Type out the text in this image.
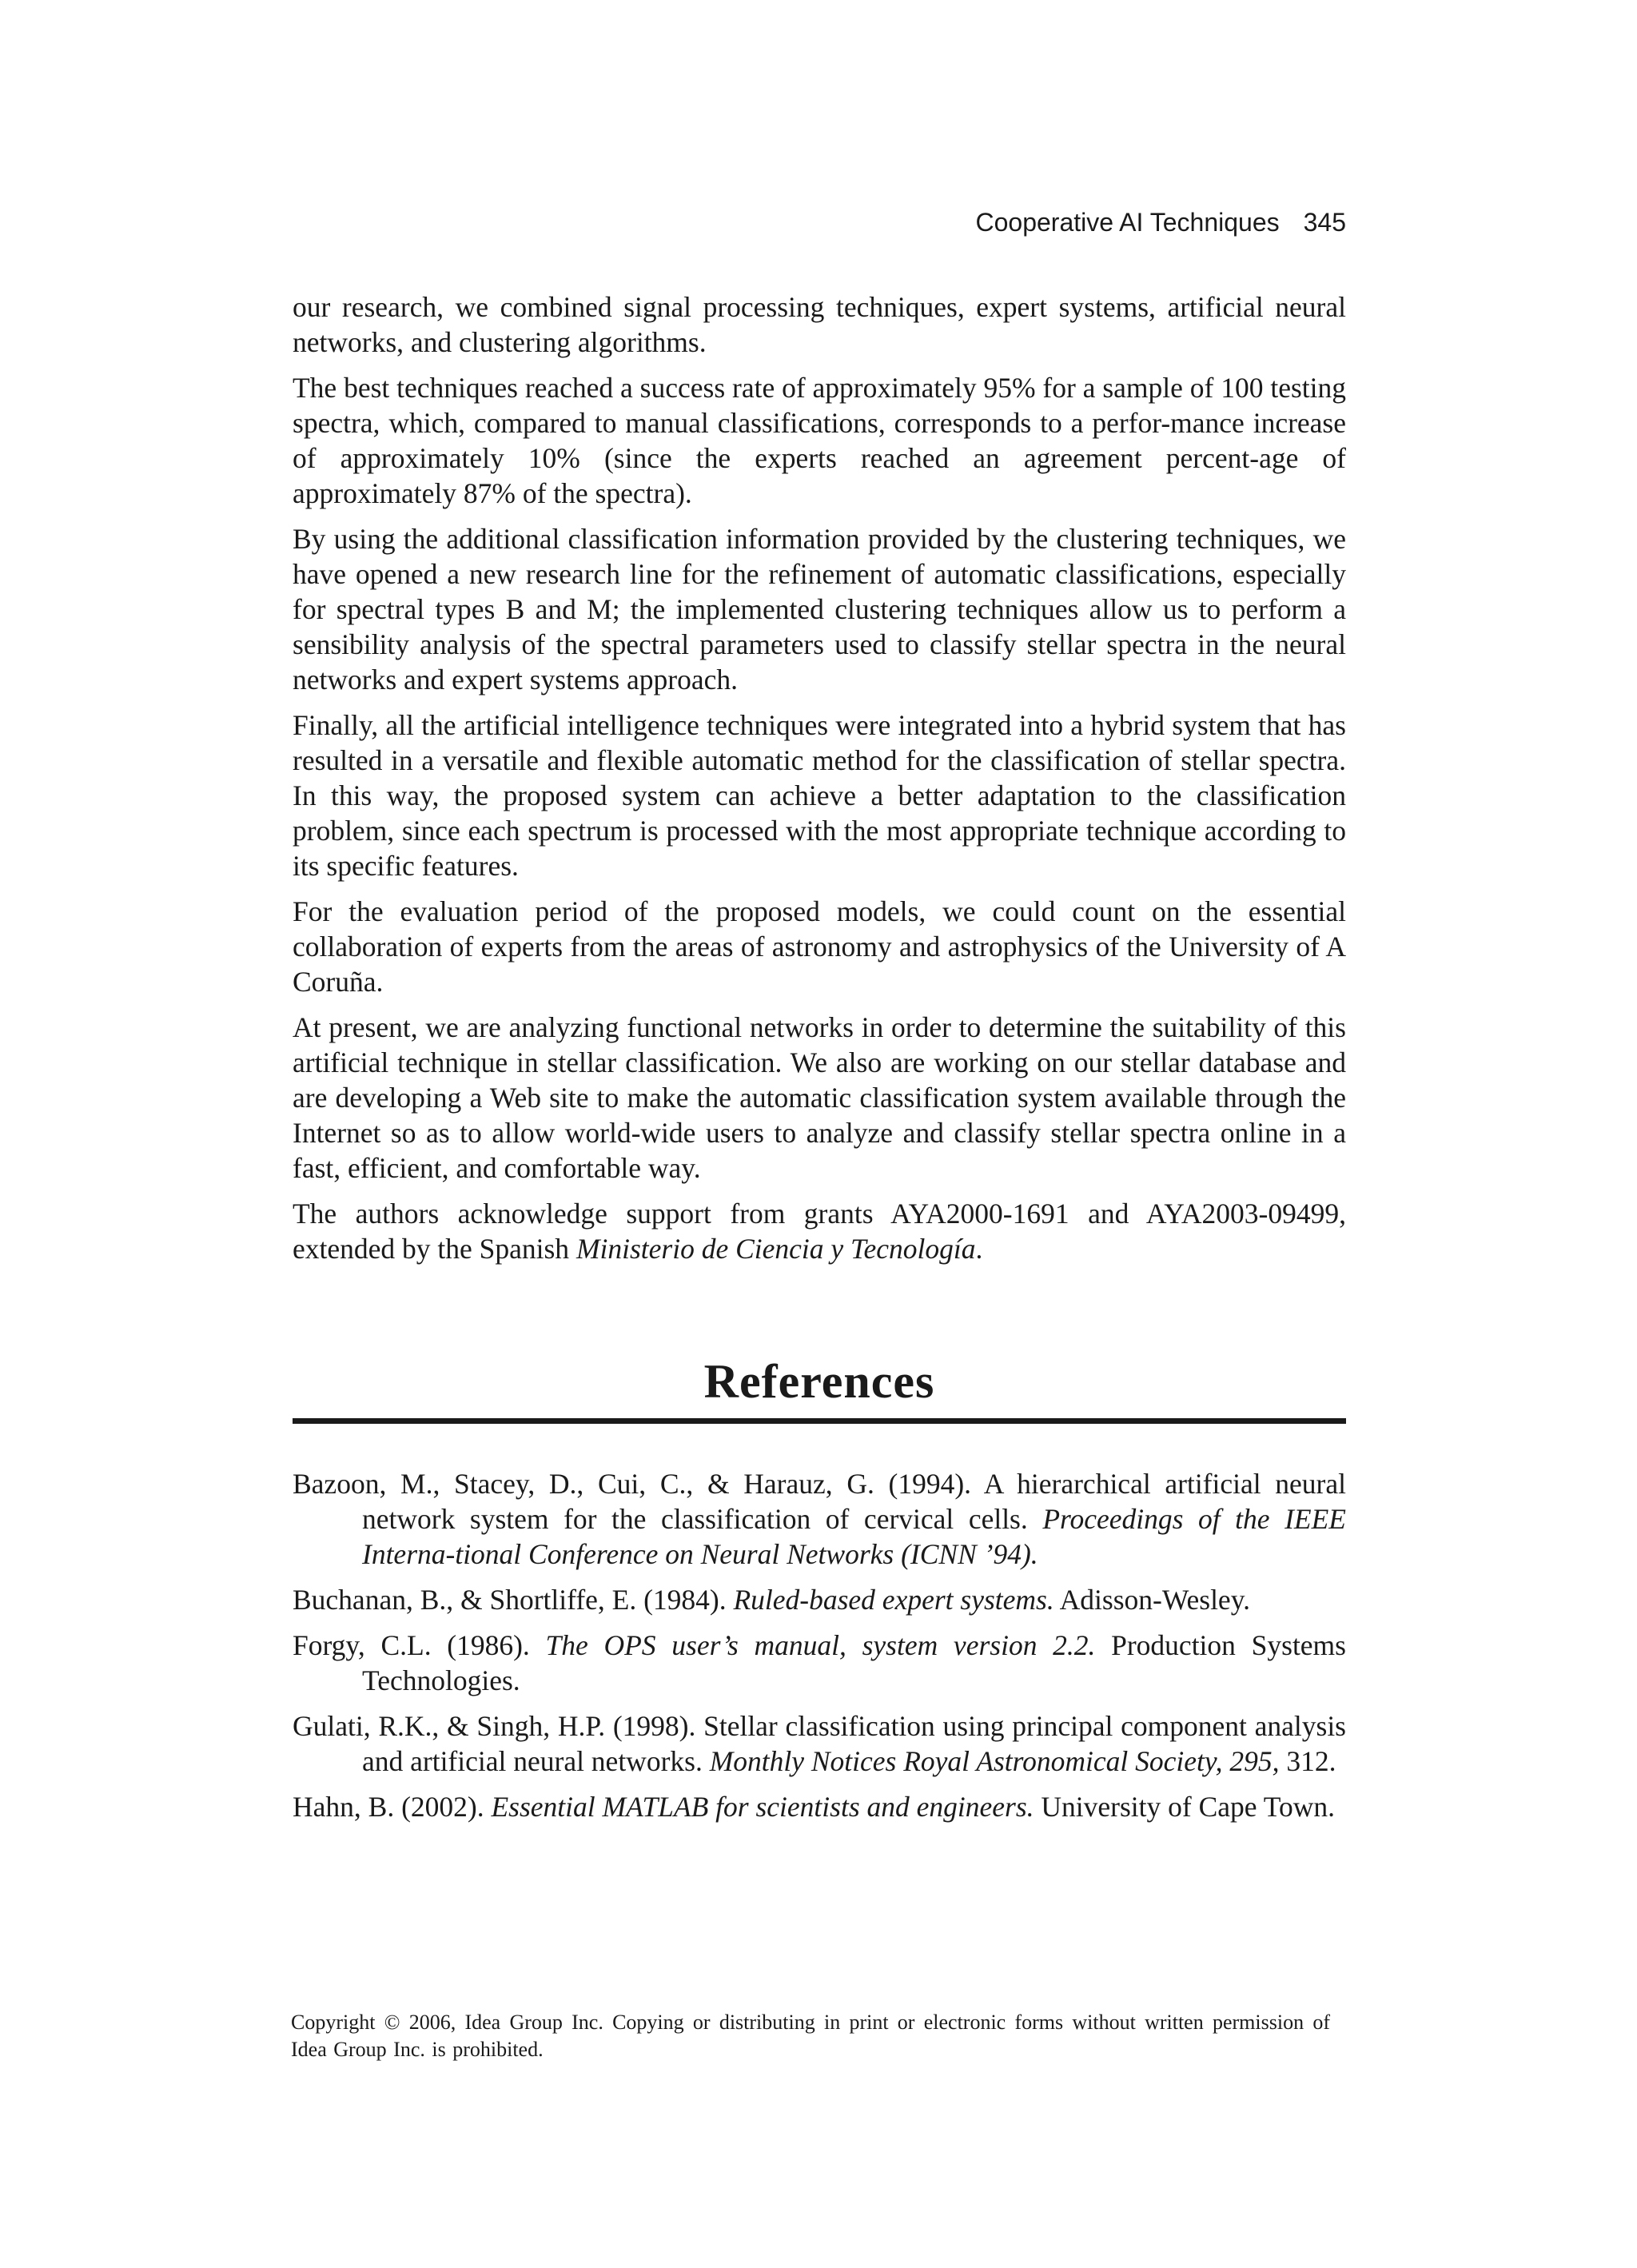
Cooperative AI Techniques 345

our research, we combined signal processing techniques, expert systems, artificial neural networks, and clustering algorithms.

The best techniques reached a success rate of approximately 95% for a sample of 100 testing spectra, which, compared to manual classifications, corresponds to a perfor-mance increase of approximately 10% (since the experts reached an agreement percent-age of approximately 87% of the spectra).

By using the additional classification information provided by the clustering techniques, we have opened a new research line for the refinement of automatic classifications, especially for spectral types B and M; the implemented clustering techniques allow us to perform a sensibility analysis of the spectral parameters used to classify stellar spectra in the neural networks and expert systems approach.

Finally, all the artificial intelligence techniques were integrated into a hybrid system that has resulted in a versatile and flexible automatic method for the classification of stellar spectra. In this way, the proposed system can achieve a better adaptation to the classification problem, since each spectrum is processed with the most appropriate technique according to its specific features.

For the evaluation period of the proposed models, we could count on the essential collaboration of experts from the areas of astronomy and astrophysics of the University of A Coruña.

At present, we are analyzing functional networks in order to determine the suitability of this artificial technique in stellar classification. We also are working on our stellar database and are developing a Web site to make the automatic classification system available through the Internet so as to allow world-wide users to analyze and classify stellar spectra online in a fast, efficient, and comfortable way.

The authors acknowledge support from grants AYA2000-1691 and AYA2003-09499, extended by the Spanish Ministerio de Ciencia y Tecnología.

References
Bazoon, M., Stacey, D., Cui, C., & Harauz, G. (1994). A hierarchical artificial neural network system for the classification of cervical cells. Proceedings of the IEEE Interna-tional Conference on Neural Networks (ICNN ’94).
Buchanan, B., & Shortliffe, E. (1984). Ruled-based expert systems. Adisson-Wesley.
Forgy, C.L. (1986). The OPS user’s manual, system version 2.2. Production Systems Technologies.
Gulati, R.K., & Singh, H.P. (1998). Stellar classification using principal component analysis and artificial neural networks. Monthly Notices Royal Astronomical Society, 295, 312.
Hahn, B. (2002). Essential MATLAB for scientists and engineers. University of Cape Town.
Copyright © 2006, Idea Group Inc. Copying or distributing in print or electronic forms without written permission of Idea Group Inc. is prohibited.
